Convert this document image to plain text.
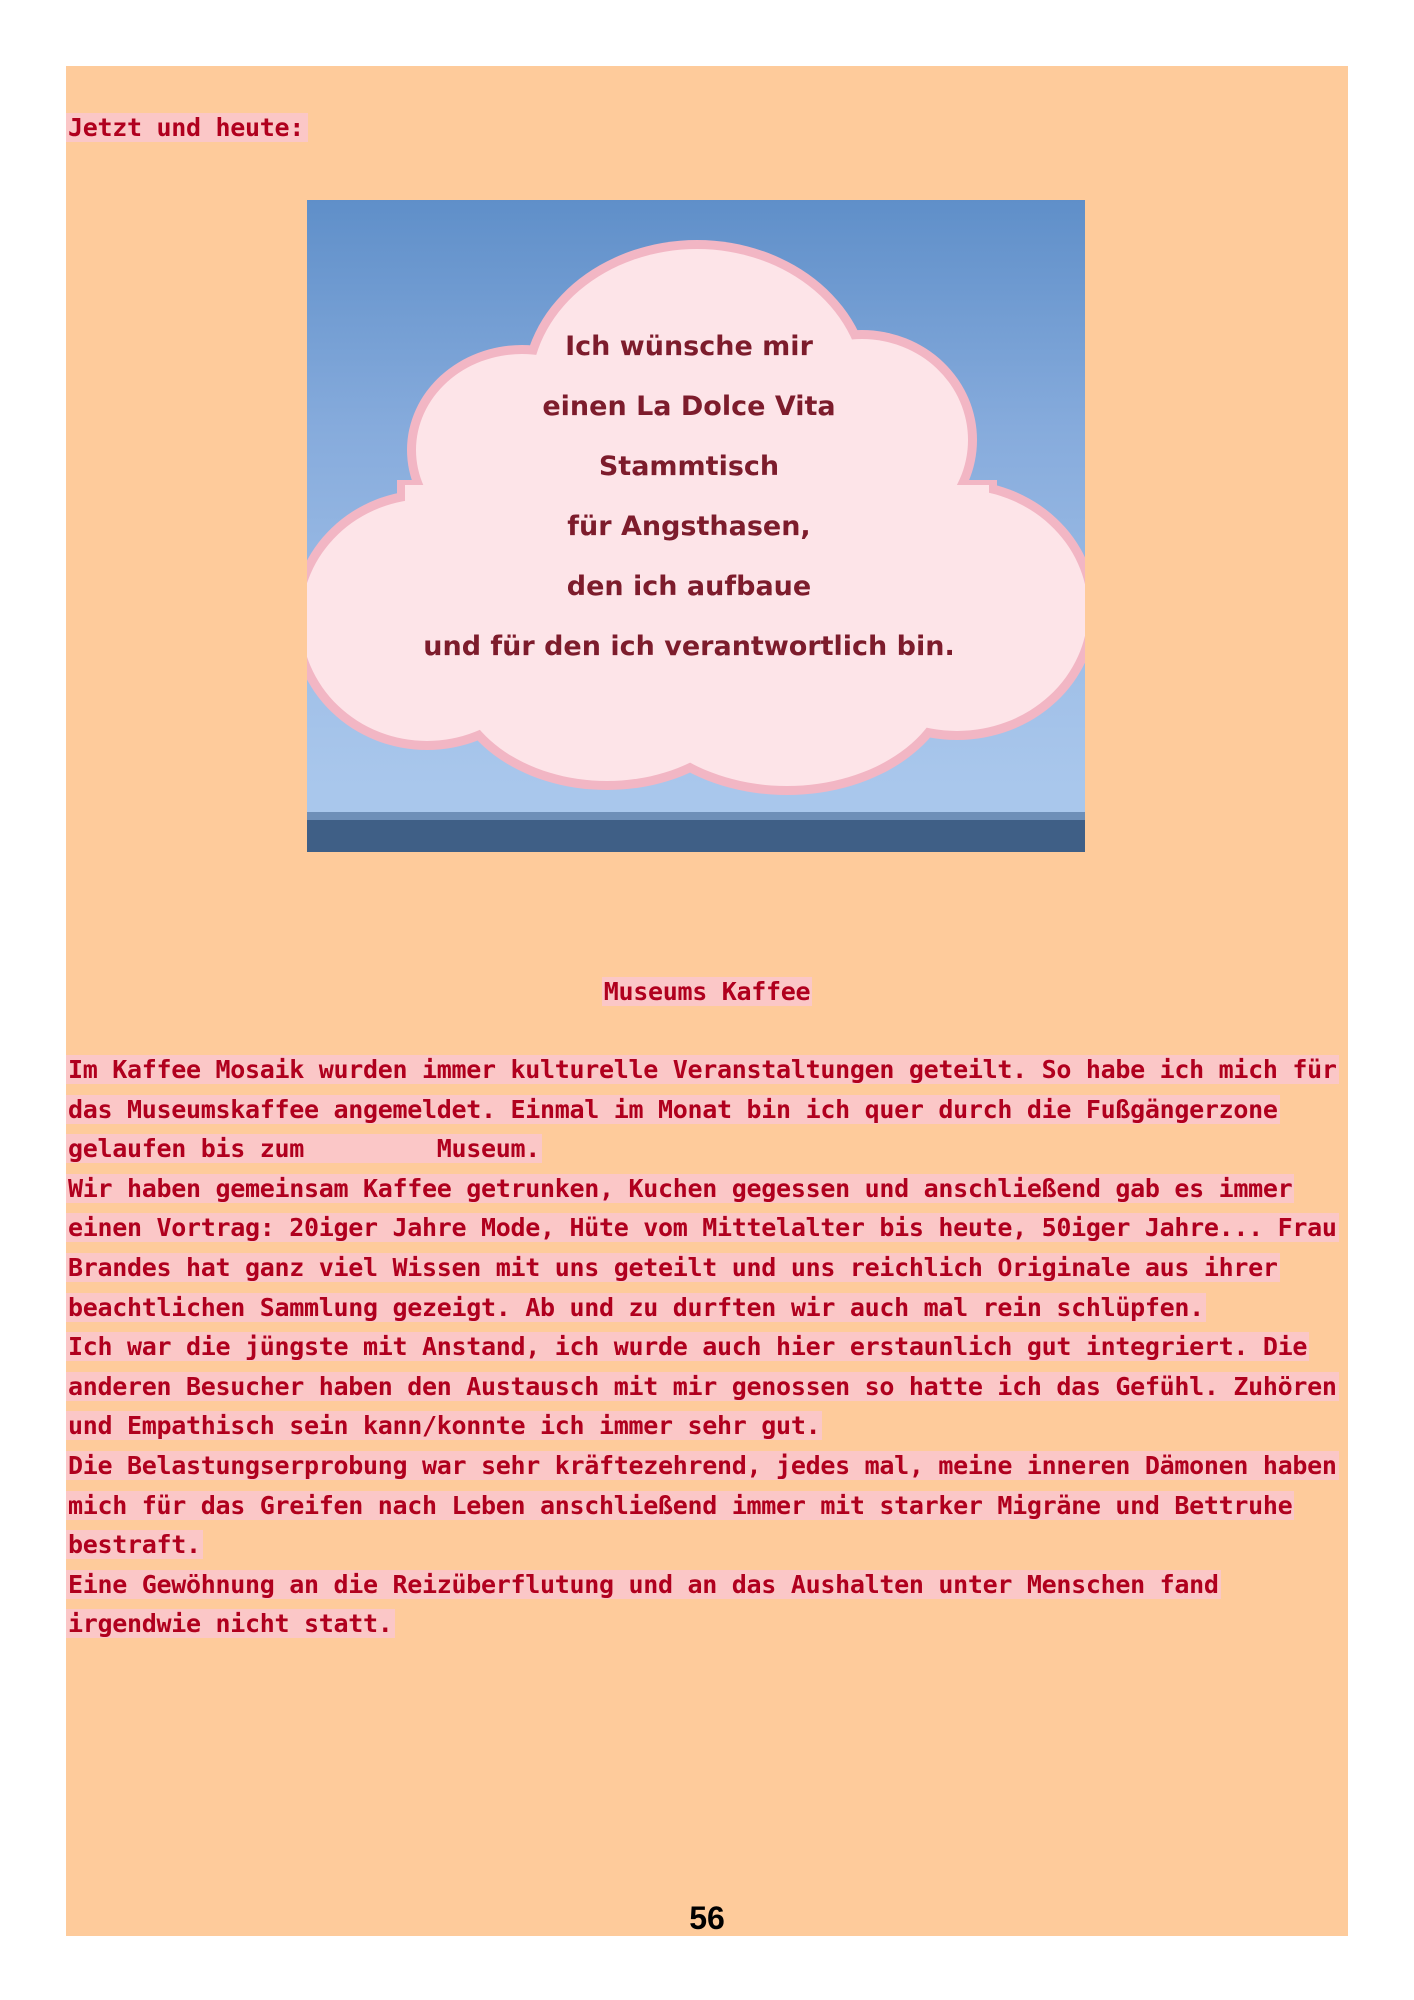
Jetzt und heute:
Ich wünsche mir
einen La Dolce Vita
Stammtisch
für Angsthasen,
den ich aufbaue
und für den ich verantwortlich bin.
Museums Kaffee
Im Kaffee Mosaik wurden immer kulturelle Veranstaltungen geteilt. So habe ich mich für
das Museumskaffee angemeldet. Einmal im Monat bin ich quer durch die Fußgängerzone
gelaufen bis zum         Museum.
Wir haben gemeinsam Kaffee getrunken, Kuchen gegessen und anschließend gab es immer
einen Vortrag: 20iger Jahre Mode, Hüte vom Mittelalter bis heute, 50iger Jahre... Frau
Brandes hat ganz viel Wissen mit uns geteilt und uns reichlich Originale aus ihrer
beachtlichen Sammlung gezeigt. Ab und zu durften wir auch mal rein schlüpfen.
Ich war die jüngste mit Anstand, ich wurde auch hier erstaunlich gut integriert. Die
anderen Besucher haben den Austausch mit mir genossen so hatte ich das Gefühl. Zuhören
und Empathisch sein kann/konnte ich immer sehr gut.
Die Belastungserprobung war sehr kräftezehrend, jedes mal, meine inneren Dämonen haben
mich für das Greifen nach Leben anschließend immer mit starker Migräne und Bettruhe
bestraft.
Eine Gewöhnung an die Reizüberflutung und an das Aushalten unter Menschen fand
irgendwie nicht statt.
56
